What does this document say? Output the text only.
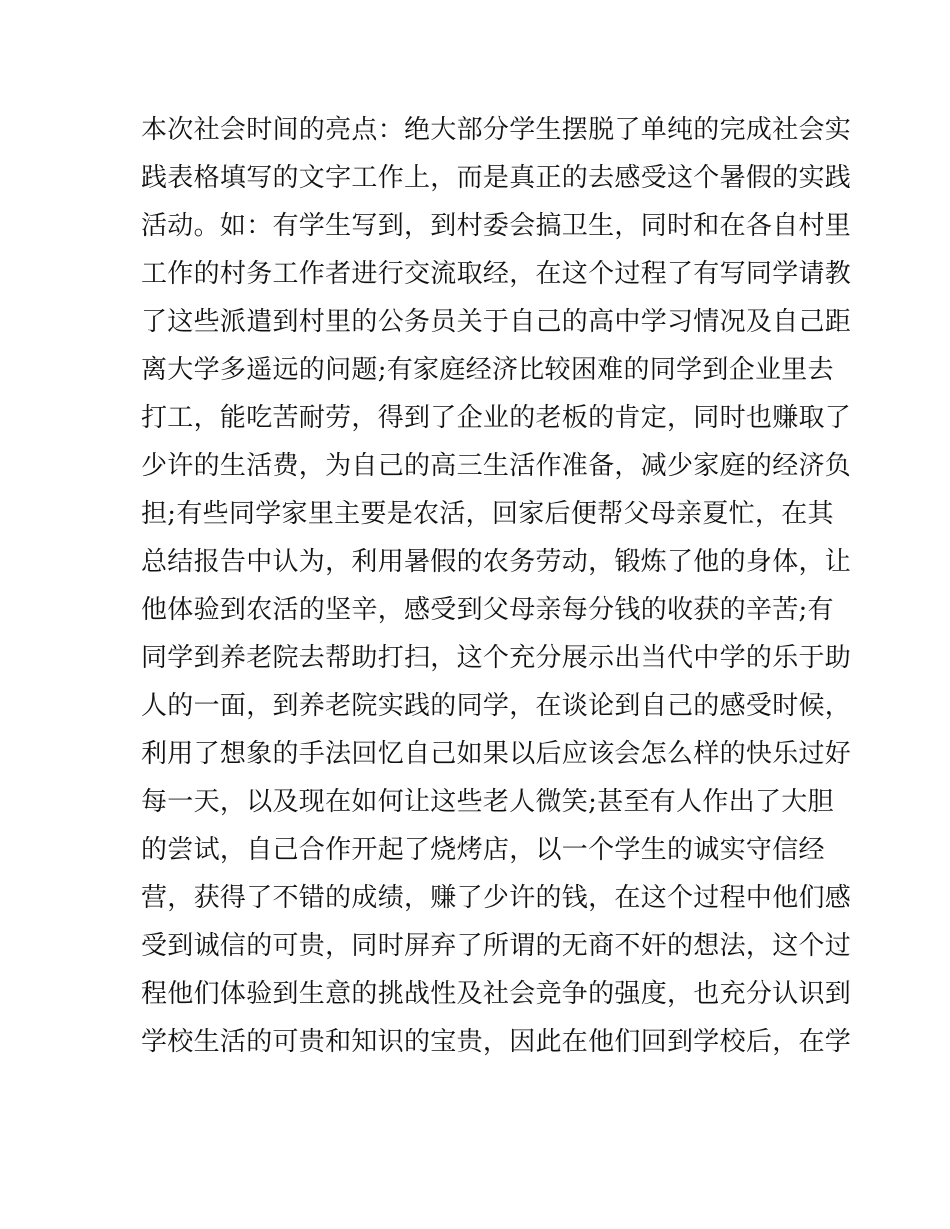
本次社会时间的亮点：绝大部分学生摆脱了单纯的完成社会实
践表格填写的文字工作上，而是真正的去感受这个暑假的实践
活动。如：有学生写到，到村委会搞卫生，同时和在各自村里
工作的村务工作者进行交流取经，在这个过程了有写同学请教
了这些派遣到村里的公务员关于自己的高中学习情况及自己距
离大学多遥远的问题;有家庭经济比较困难的同学到企业里去
打工，能吃苦耐劳，得到了企业的老板的肯定，同时也赚取了
少许的生活费，为自己的高三生活作准备，减少家庭的经济负
担;有些同学家里主要是农活，回家后便帮父母亲夏忙，在其
总结报告中认为，利用暑假的农务劳动，锻炼了他的身体，让
他体验到农活的坚辛，感受到父母亲每分钱的收获的辛苦;有
同学到养老院去帮助打扫，这个充分展示出当代中学的乐于助
人的一面，到养老院实践的同学，在谈论到自己的感受时候，
利用了想象的手法回忆自己如果以后应该会怎么样的快乐过好
每一天，以及现在如何让这些老人微笑;甚至有人作出了大胆
的尝试，自己合作开起了烧烤店，以一个学生的诚实守信经
营，获得了不错的成绩，赚了少许的钱，在这个过程中他们感
受到诚信的可贵，同时屏弃了所谓的无商不奸的想法，这个过
程他们体验到生意的挑战性及社会竞争的强度，也充分认识到
学校生活的可贵和知识的宝贵，因此在他们回到学校后，在学
